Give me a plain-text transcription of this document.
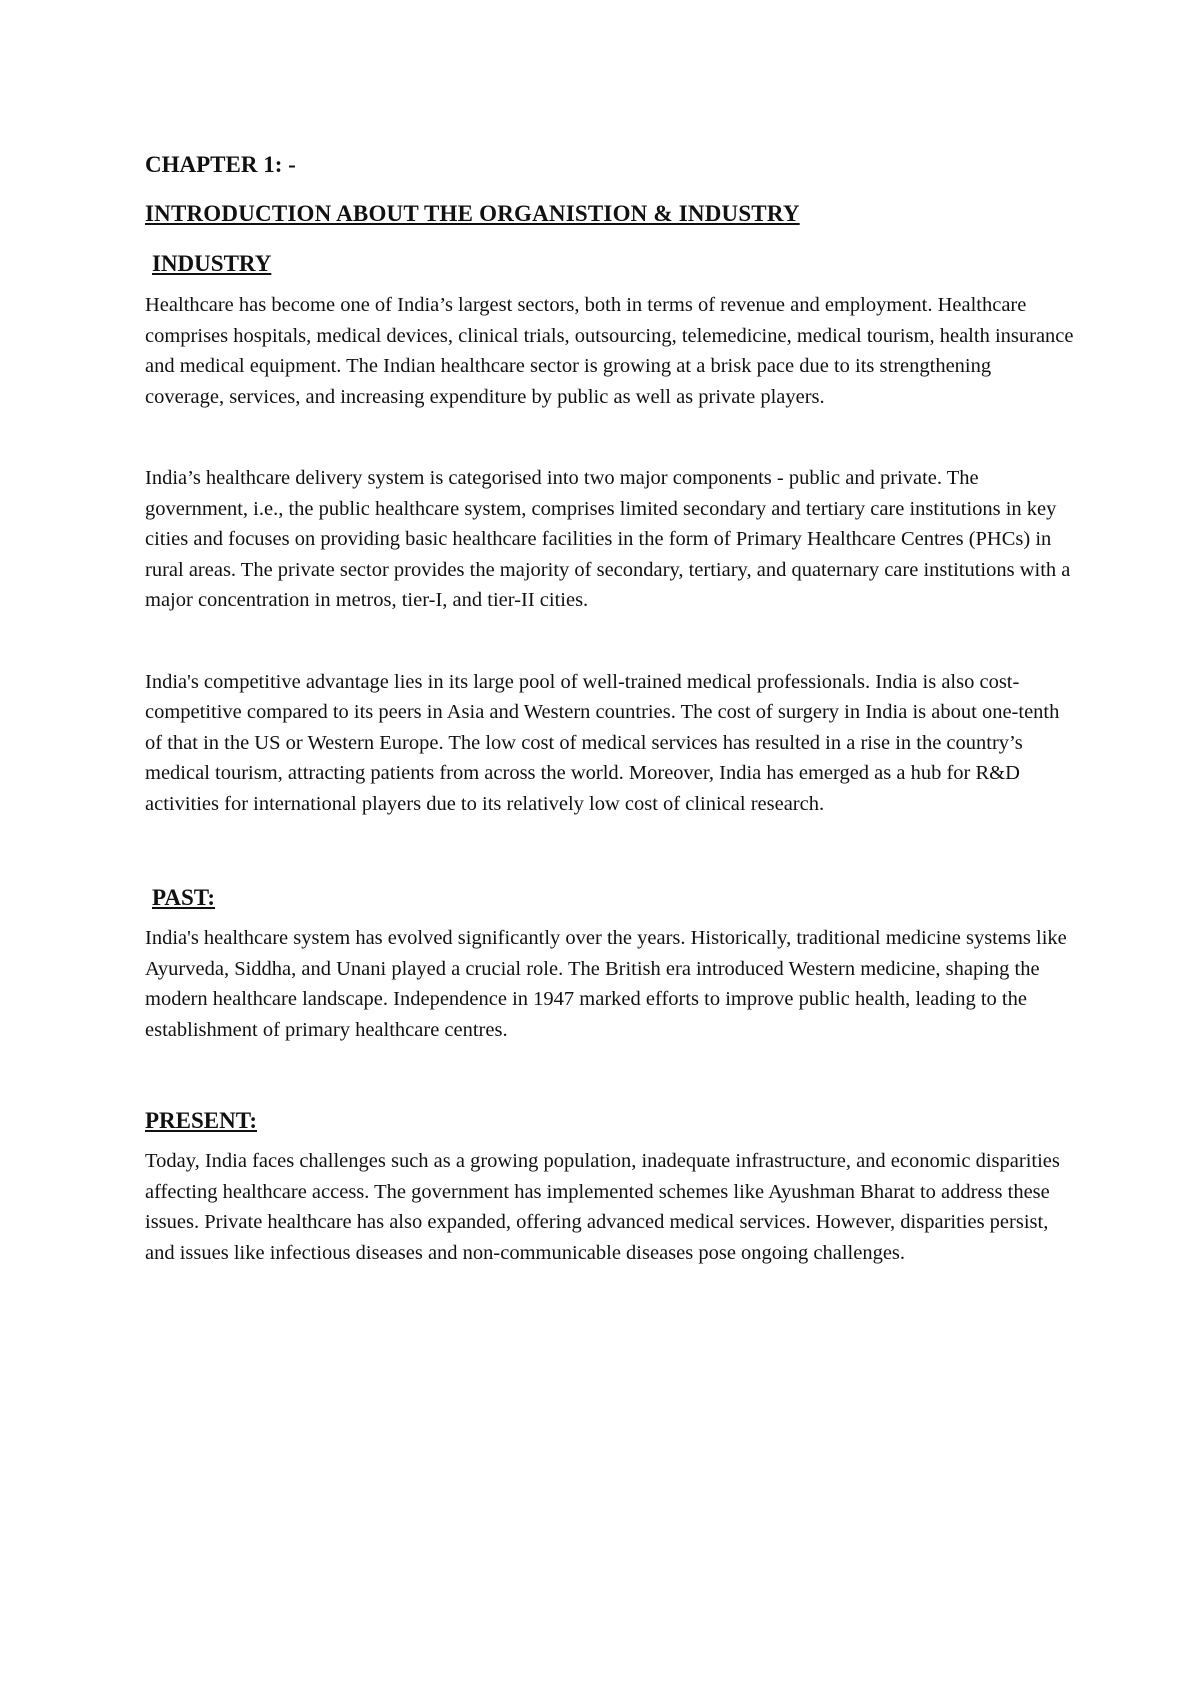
CHAPTER 1: -
INTRODUCTION ABOUT THE ORGANISTION & INDUSTRY
INDUSTRY

Healthcare has become one of India’s largest sectors, both in terms of revenue and employment. Healthcare comprises hospitals, medical devices, clinical trials, outsourcing, telemedicine, medical tourism, health insurance and medical equipment. The Indian healthcare sector is growing at a brisk pace due to its strengthening coverage, services, and increasing expenditure by public as well as private players.

India’s healthcare delivery system is categorised into two major components - public and private. The government, i.e., the public healthcare system, comprises limited secondary and tertiary care institutions in key cities and focuses on providing basic healthcare facilities in the form of Primary Healthcare Centres (PHCs) in rural areas. The private sector provides the majority of secondary, tertiary, and quaternary care institutions with a major concentration in metros, tier-I, and tier-II cities.

India's competitive advantage lies in its large pool of well-trained medical professionals. India is also cost-competitive compared to its peers in Asia and Western countries. The cost of surgery in India is about one-tenth of that in the US or Western Europe. The low cost of medical services has resulted in a rise in the country’s medical tourism, attracting patients from across the world. Moreover, India has emerged as a hub for R&D activities for international players due to its relatively low cost of clinical research.

PAST:

India's healthcare system has evolved significantly over the years. Historically, traditional medicine systems like Ayurveda, Siddha, and Unani played a crucial role. The British era introduced Western medicine, shaping the modern healthcare landscape. Independence in 1947 marked efforts to improve public health, leading to the establishment of primary healthcare centres.

PRESENT:

Today, India faces challenges such as a growing population, inadequate infrastructure, and economic disparities affecting healthcare access. The government has implemented schemes like Ayushman Bharat to address these issues. Private healthcare has also expanded, offering advanced medical services. However, disparities persist, and issues like infectious diseases and non-communicable diseases pose ongoing challenges.
